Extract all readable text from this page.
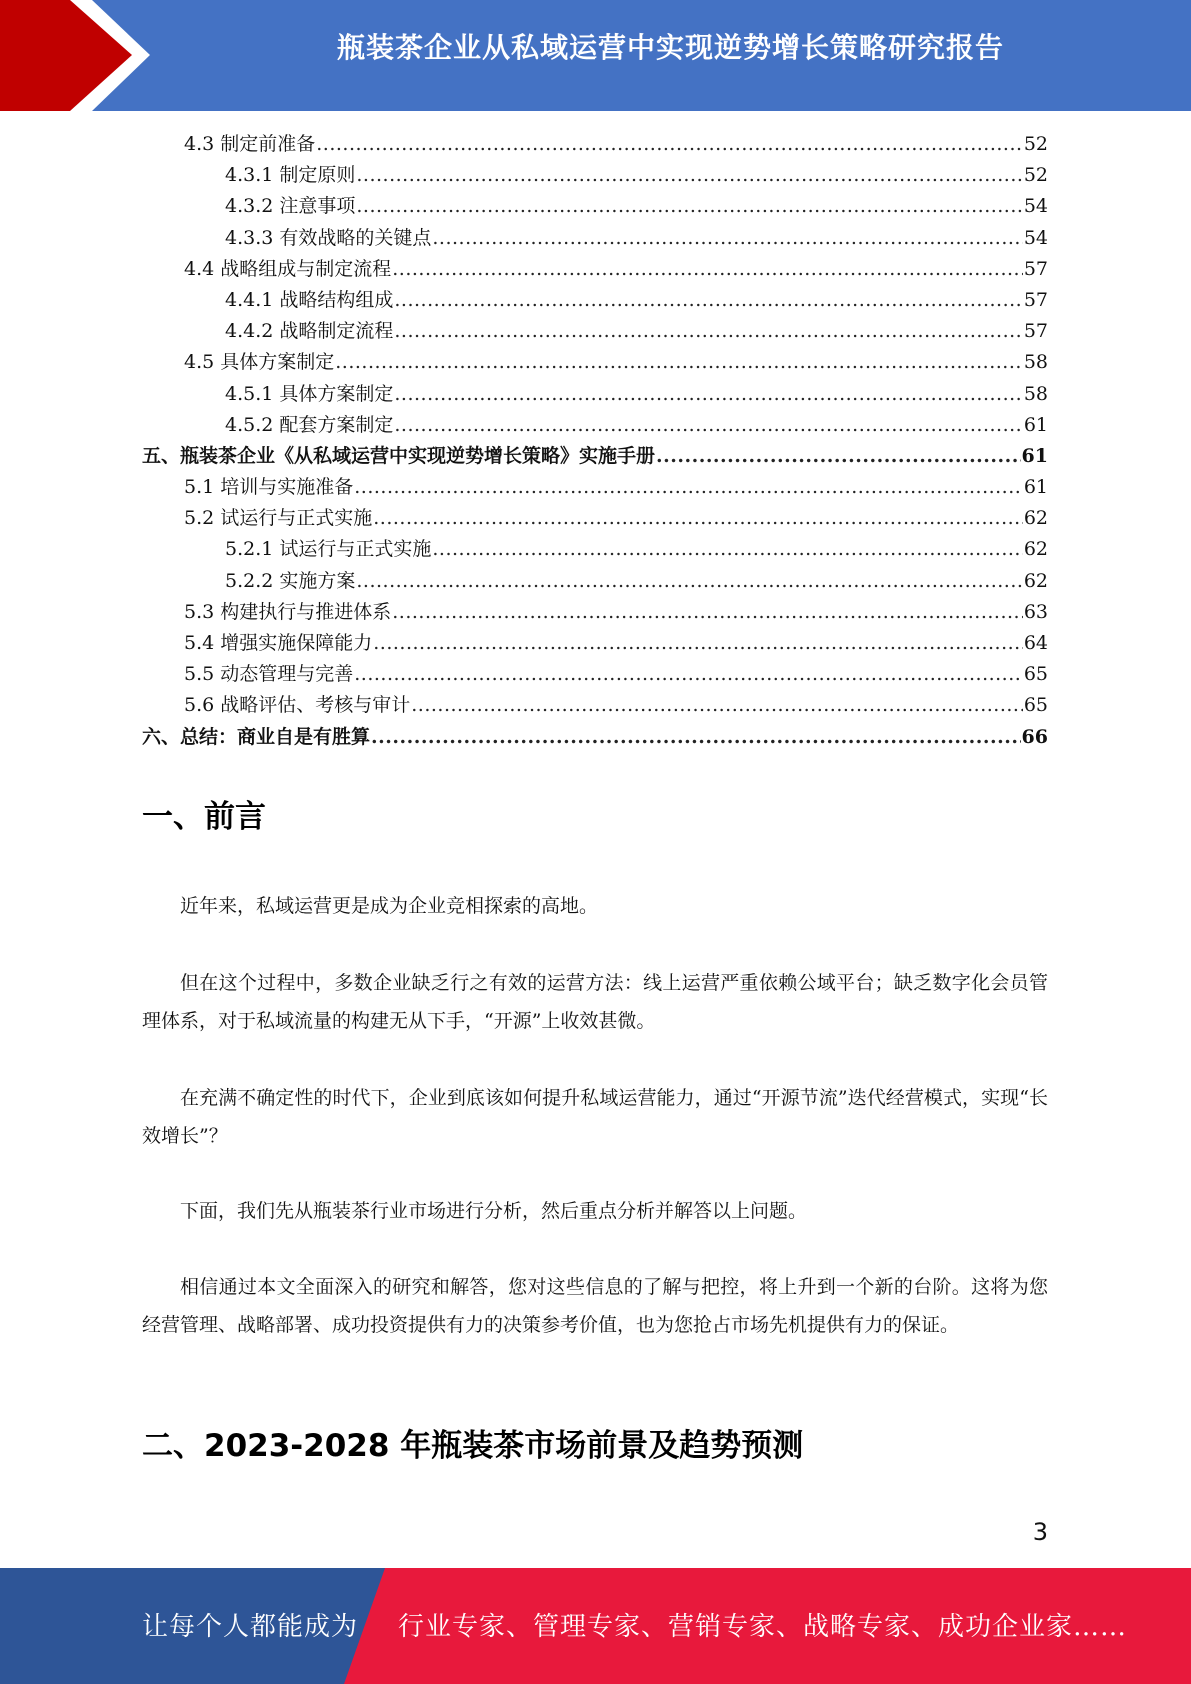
瓶装茶企业从私域运营中实现逆势增长策略研究报告
4.3 制定前准备 .....	52
4.3.1 制定原则 .....	52
4.3.2 注意事项 .....	54
4.3.3 有效战略的关键点 .....	54
4.4 战略组成与制定流程 .....	57
4.4.1 战略结构组成 .....	57
4.4.2 战略制定流程 .....	57
4.5 具体方案制定 .....	58
4.5.1 具体方案制定 .....	58
4.5.2 配套方案制定 .....	61
五、瓶装茶企业《从私域运营中实现逆势增长策略》实施手册 .....	61
5.1 培训与实施准备 .....	61
5.2 试运行与正式实施 .....	62
5.2.1 试运行与正式实施 .....	62
5.2.2 实施方案 .....	62
5.3 构建执行与推进体系 .....	63
5.4 增强实施保障能力 .....	64
5.5 动态管理与完善 .....	65
5.6 战略评估、考核与审计 .....	65
六、总结：商业自是有胜算 .....	66
一、前言

近年来，私域运营更是成为企业竞相探索的高地。

但在这个过程中，多数企业缺乏行之有效的运营方法：线上运营严重依赖公域平台；缺乏数字化会员管理体系，对于私域流量的构建无从下手，“开源”上收效甚微。

在充满不确定性的时代下，企业到底该如何提升私域运营能力，通过“开源节流”迭代经营模式，实现“长效增长”？

下面，我们先从瓶装茶行业市场进行分析，然后重点分析并解答以上问题。

相信通过本文全面深入的研究和解答，您对这些信息的了解与把控，将上升到一个新的台阶。这将为您经营管理、战略部署、成功投资提供有力的决策参考价值，也为您抢占市场先机提供有力的保证。

二、2023-2028 年瓶装茶市场前景及趋势预测
3
让每个人都能成为 行业专家、管理专家、营销专家、战略专家、成功企业家……
